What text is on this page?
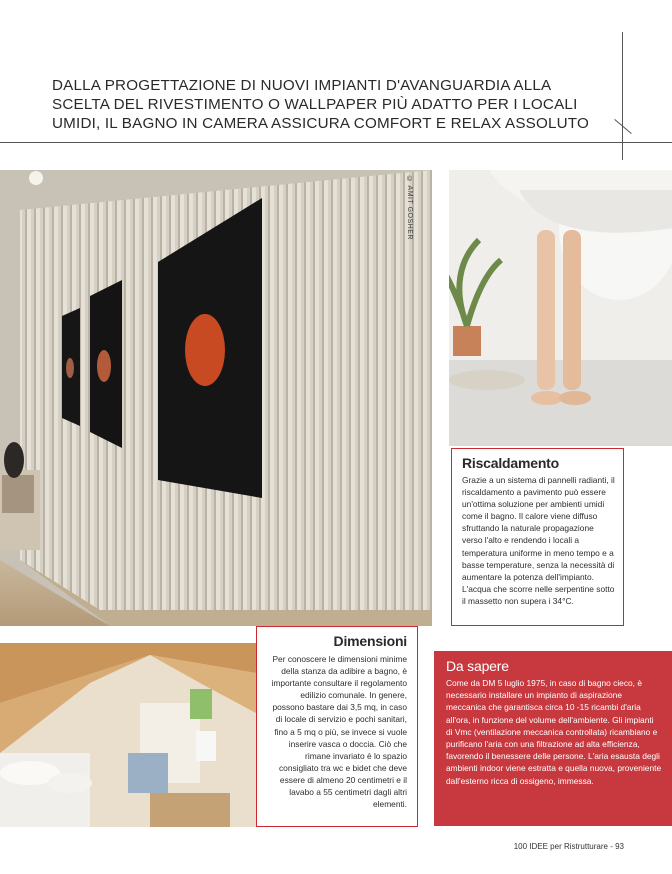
DALLA PROGETTAZIONE DI NUOVI IMPIANTI D'AVANGUARDIA ALLA SCELTA DEL RIVESTIMENTO O WALLPAPER PIÙ ADATTO PER I LOCALI UMIDI, IL BAGNO IN CAMERA ASSICURA COMFORT E RELAX ASSOLUTO
© AMIT GOSHER
Riscaldamento
Grazie a un sistema di pannelli radianti, il riscaldamento a pavimento può essere un'ottima soluzione per ambienti umidi come il bagno. Il calore viene diffuso sfruttando la naturale propagazione verso l'alto e rendendo i locali a temperatura uniforme in meno tempo e a basse temperature, senza la necessità di aumentare la potenza dell'impianto. L'acqua che scorre nelle serpentine sotto il massetto non supera i 34°C.
Dimensioni
Per conoscere le dimensioni minime della stanza da adibire a bagno, è importante consultare il regolamento edilizio comunale. In genere, possono bastare dai 3,5 mq, in caso di locale di servizio e pochi sanitari, fino a 5 mq o più, se invece si vuole inserire vasca o doccia. Ciò che rimane invariato è lo spazio consigliato tra wc e bidet che deve essere di almeno 20 centimetri e il lavabo a 55 centimetri dagli altri elementi.
Da sapere
Come da DM 5 luglio 1975, in caso di bagno cieco, è necessario installare un impianto di aspirazione meccanica che garantisca circa 10 -15 ricambi d'aria all'ora, in funzione del volume dell'ambiente. Gli impianti di Vmc (ventilazione meccanica controllata) ricambiano e purificano l'aria con una filtrazione ad alta efficienza, favorendo il benessere delle persone. L'aria esausta degli ambienti indoor viene estratta e quella nuova, proveniente dall'esterno ricca di ossigeno, immessa.
100 IDEE per Ristrutturare - 93
